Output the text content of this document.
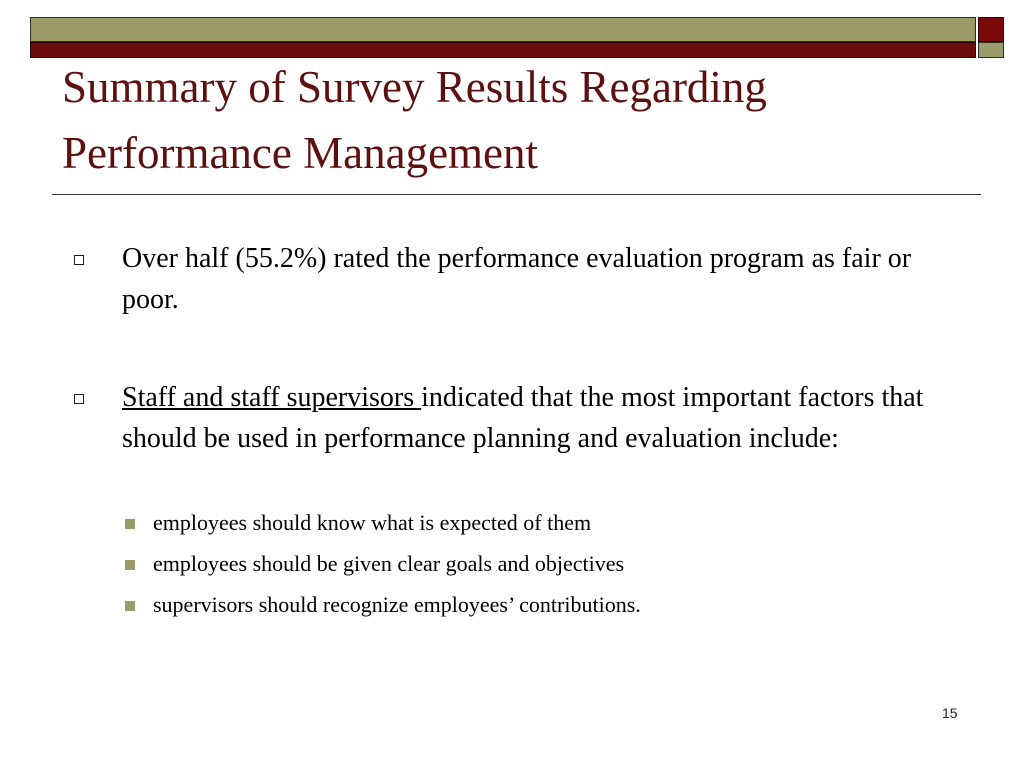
Summary of Survey Results Regarding Performance Management
Over half (55.2%) rated the performance evaluation program as fair or poor.
Staff and staff supervisors indicated that the most important factors that should be used in performance planning and evaluation include:
employees should know what is expected of them
employees should be given clear goals and objectives
supervisors should recognize employees’ contributions.
15
